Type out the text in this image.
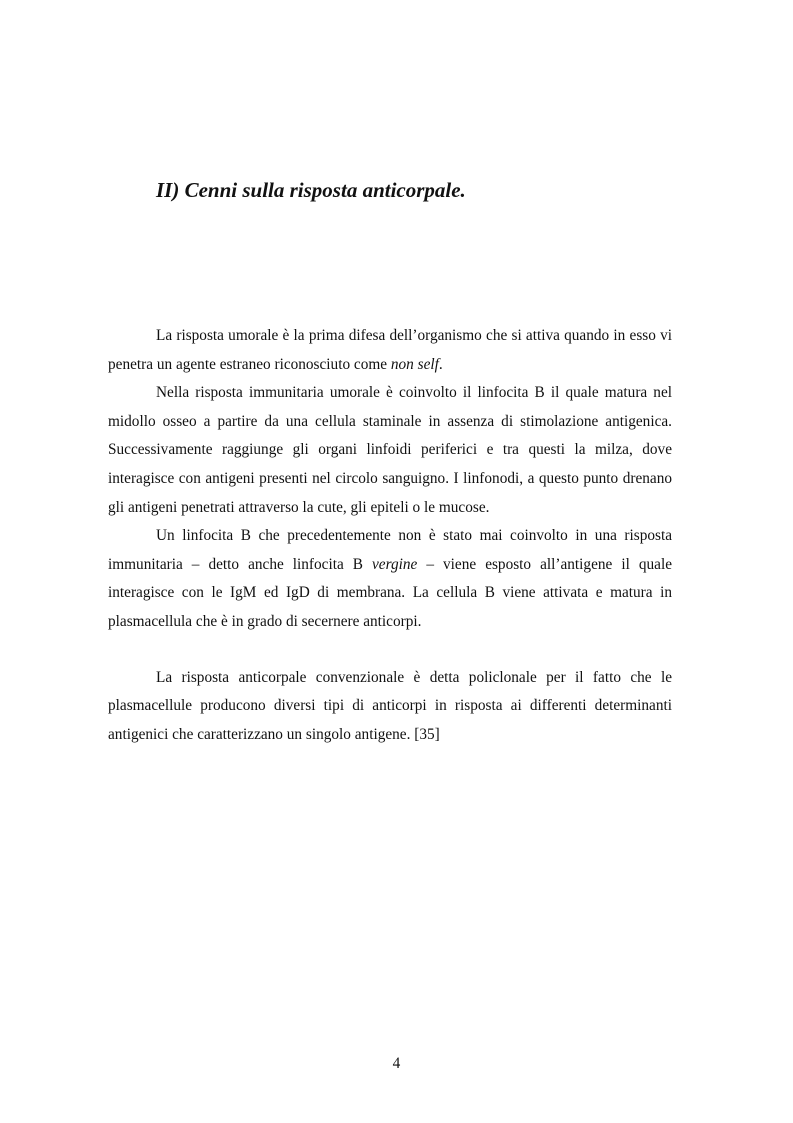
II) Cenni sulla risposta anticorpale.

La risposta umorale è la prima difesa dell’organismo che si attiva quando in esso vi penetra un agente estraneo riconosciuto come non self.

Nella risposta immunitaria umorale è coinvolto il linfocita B il quale matura nel midollo osseo a partire da una cellula staminale in assenza di stimolazione antigenica. Successivamente raggiunge gli organi linfoidi periferici e tra questi la milza, dove interagisce con antigeni presenti nel circolo sanguigno. I linfonodi, a questo punto drenano gli antigeni penetrati attraverso la cute, gli epiteli o le mucose.

Un linfocita B che precedentemente non è stato mai coinvolto in una risposta immunitaria – detto anche linfocita B vergine – viene esposto all’antigene il quale interagisce con le IgM ed IgD di membrana. La cellula B viene attivata e matura in plasmacellula che è in grado di secernere anticorpi.

La risposta anticorpale convenzionale è detta policlonale per il fatto che le plasmacellule producono diversi tipi di anticorpi in risposta ai differenti determinanti antigenici che caratterizzano un singolo antigene. [35]

4
